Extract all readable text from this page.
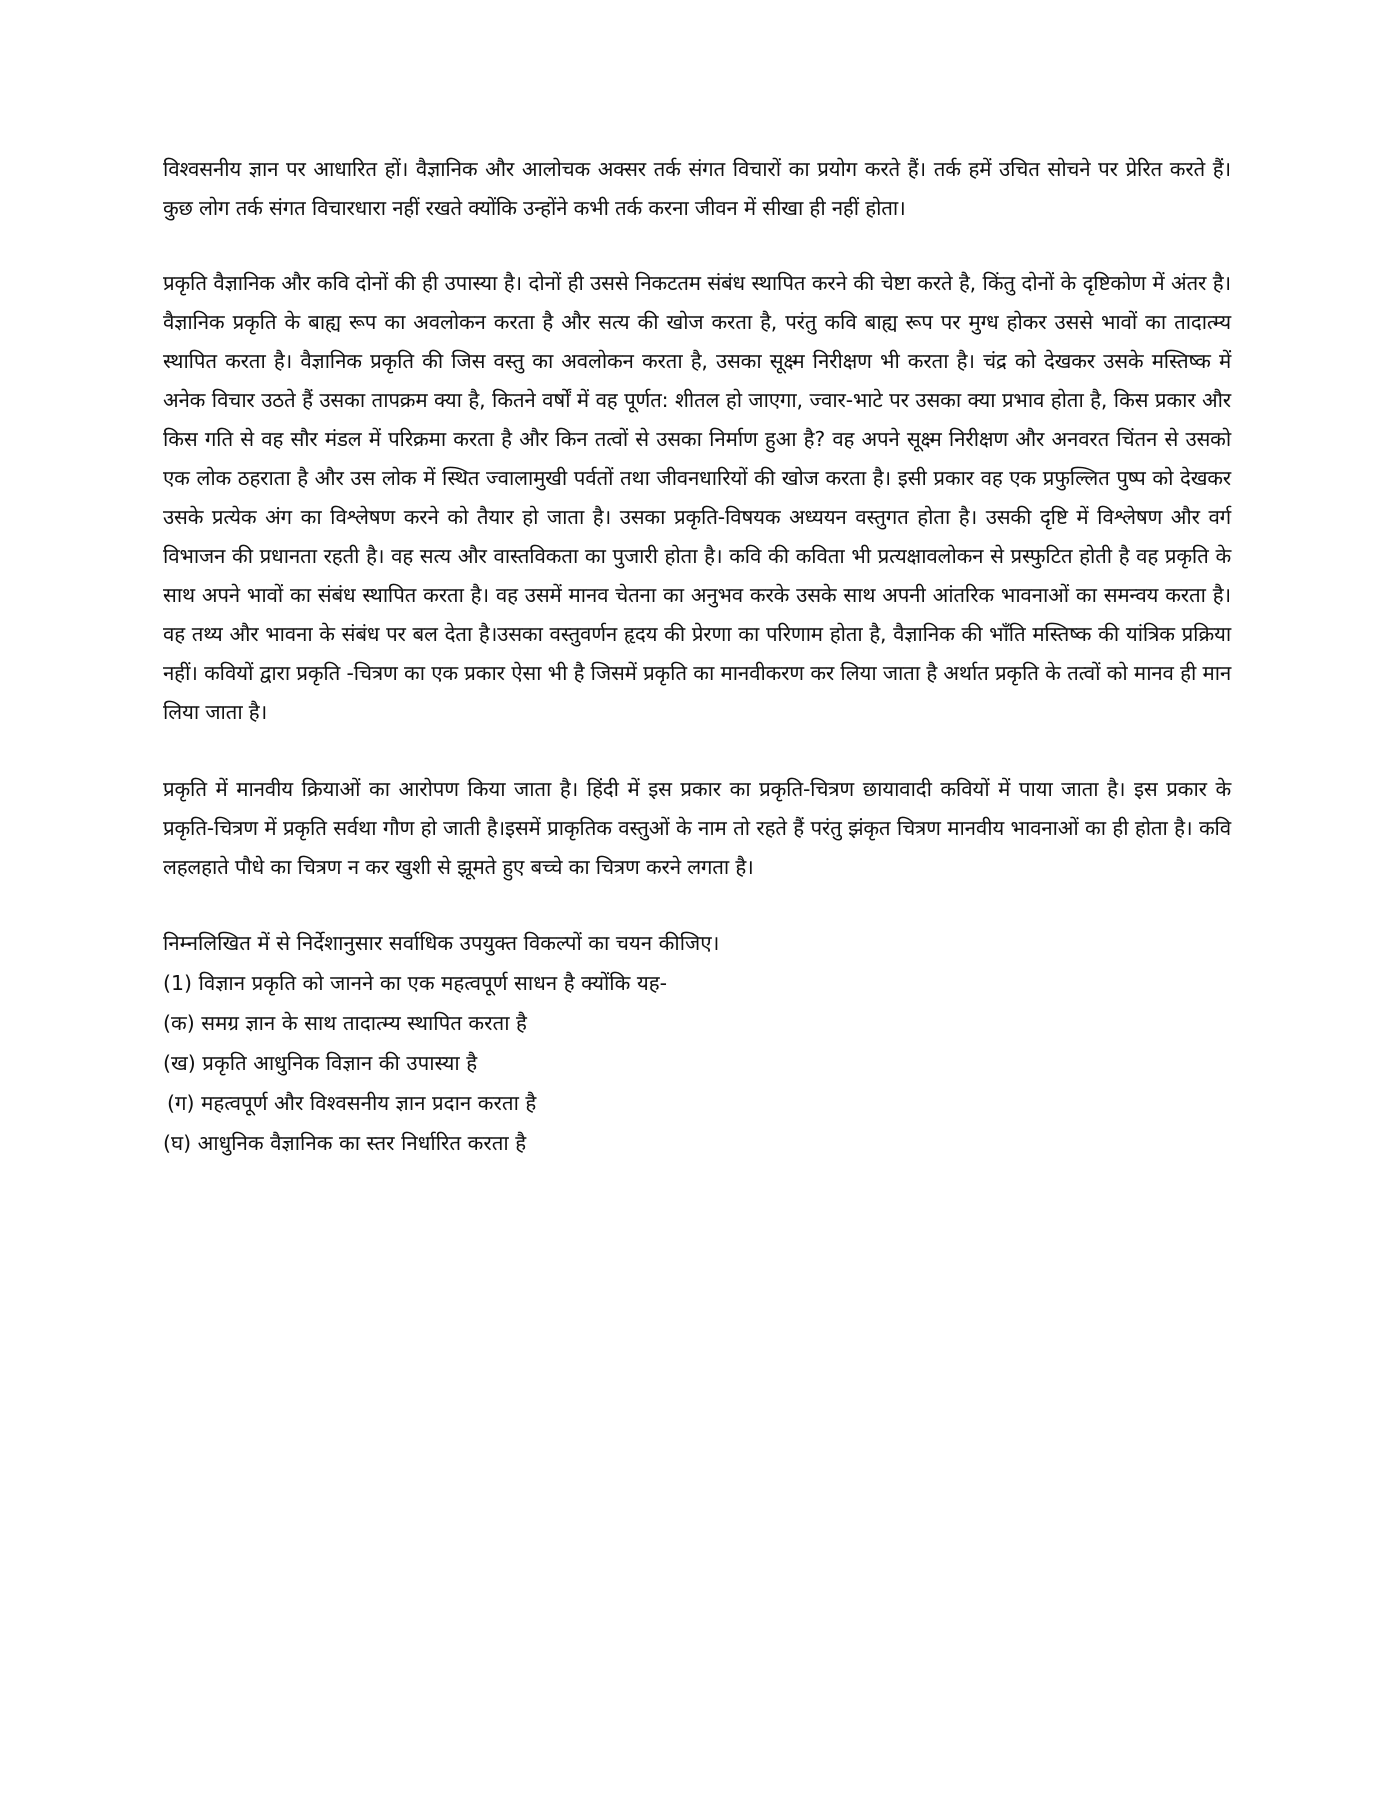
विश्वसनीय ज्ञान पर आधारित हों। वैज्ञानिक और आलोचक अक्सर तर्क संगत विचारों का प्रयोग करते हैं। तर्क हमें उचित सोचने पर प्रेरित करते हैं। कुछ लोग तर्क संगत विचारधारा नहीं रखते क्योंकि उन्होंने कभी तर्क करना जीवन में सीखा ही नहीं होता।

प्रकृति वैज्ञानिक और कवि दोनों की ही उपास्या है। दोनों ही उससे निकटतम संबंध स्थापित करने की चेष्टा करते है, किंतु दोनों के दृष्टिकोण में अंतर है। वैज्ञानिक प्रकृति के बाह्य रूप का अवलोकन करता है और सत्य की खोज करता है, परंतु कवि बाह्य रूप पर मुग्ध होकर उससे भावों का तादात्म्य स्थापित करता है। वैज्ञानिक प्रकृति की जिस वस्तु का अवलोकन करता है, उसका सूक्ष्म निरीक्षण भी करता है। चंद्र को देखकर उसके मस्तिष्क में अनेक विचार उठते हैं उसका तापक्रम क्या है, कितने वर्षों में वह पूर्णत: शीतल हो जाएगा, ज्वार-भाटे पर उसका क्या प्रभाव होता है, किस प्रकार और किस गति से वह सौर मंडल में परिक्रमा करता है और किन तत्वों से उसका निर्माण हुआ है? वह अपने सूक्ष्म निरीक्षण और अनवरत चिंतन से उसको एक लोक ठहराता है और उस लोक में स्थित ज्वालामुखी पर्वतों तथा जीवनधारियों की खोज करता है। इसी प्रकार वह एक प्रफुल्लित पुष्प को देखकर उसके प्रत्येक अंग का विश्लेषण करने को तैयार हो जाता है। उसका प्रकृति-विषयक अध्ययन वस्तुगत होता है। उसकी दृष्टि में विश्लेषण और वर्ग विभाजन की प्रधानता रहती है। वह सत्य और वास्तविकता का पुजारी होता है। कवि की कविता भी प्रत्यक्षावलोकन से प्रस्फुटित होती है वह प्रकृति के साथ अपने भावों का संबंध स्थापित करता है। वह उसमें मानव चेतना का अनुभव करके उसके साथ अपनी आंतरिक भावनाओं का समन्वय करता है। वह तथ्य और भावना के संबंध पर बल देता है।उसका वस्तुवर्णन हृदय की प्रेरणा का परिणाम होता है, वैज्ञानिक की भाँति मस्तिष्क की यांत्रिक प्रक्रिया नहीं। कवियों द्वारा प्रकृति -चित्रण का एक प्रकार ऐसा भी है जिसमें प्रकृति का मानवीकरण कर लिया जाता है अर्थात प्रकृति के तत्वों को मानव ही मान लिया जाता है।

प्रकृति में मानवीय क्रियाओं का आरोपण किया जाता है। हिंदी में इस प्रकार का प्रकृति-चित्रण छायावादी कवियों में पाया जाता है। इस प्रकार के प्रकृति-चित्रण में प्रकृति सर्वथा गौण हो जाती है।इसमें प्राकृतिक वस्तुओं के नाम तो रहते हैं परंतु झंकृत चित्रण मानवीय भावनाओं का ही होता है। कवि लहलहाते पौधे का चित्रण न कर खुशी से झूमते हुए बच्चे का चित्रण करने लगता है।

निम्नलिखित में से निर्देशानुसार सर्वाधिक उपयुक्त विकल्पों का चयन कीजिए।
(1) विज्ञान प्रकृति को जानने का एक महत्वपूर्ण साधन है क्योंकि यह-
(क) समग्र ज्ञान के साथ तादात्म्य स्थापित करता है
(ख) प्रकृति आधुनिक विज्ञान की उपास्या है
(ग) महत्वपूर्ण और विश्वसनीय ज्ञान प्रदान करता है
(घ) आधुनिक वैज्ञानिक का स्तर निर्धारित करता है
